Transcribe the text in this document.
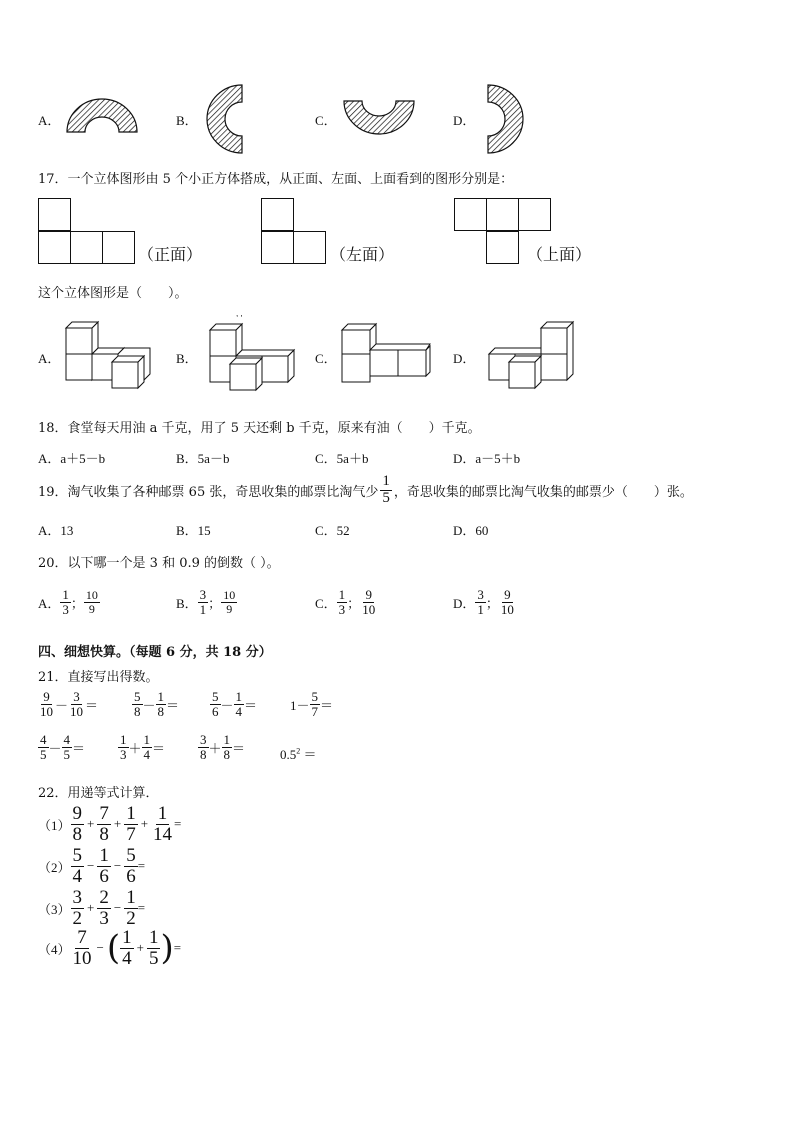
A．	B．	C．	D．
17．一个立体图形由 5 个小正方体搭成，从正面、左面、上面看到的图形分别是：
（正面）	（左面）	（上面）
这个立体图形是（　　）。
A．	B．
, ,
C．	D．
18．食堂每天用油 a 千克，用了 5 天还剩 b 千克，原来有油（　　）千克。
A．a＋5－b	B．5a－b	C．5a＋b	D．a－5＋b
19．淘气收集了各种邮票 65 张，奇思收集的邮票比淘气少 $\frac{1}{5}$ ，奇思收集的邮票比淘气收集的邮票少（　　）张。
A．13	B．15	C．52	D．60
20．以下哪一个是 3 和 0.9 的倒数（ ）。
A． $\frac{1}{3}$ ； $\frac{10}{9}$	B． $\frac{3}{1}$ ； $\frac{10}{9}$	C． $\frac{1}{3}$ ； $\frac{9}{10}$	D． $\frac{3}{1}$ ； $\frac{9}{10}$
四、细想快算。（每题 6 分，共 18 分）
21．直接写出得数。
$\frac{9}{10} - \frac{3}{10}$ ＝	$\frac{5}{8} - \frac{1}{8} = \frac{5}{6} - \frac{1}{4}$ ＝	$1- \frac{5}{7}$ ＝
$\frac{4}{5} - \frac{4}{5}$ ＝	$\frac{1}{3} + \frac{1}{4}$ ＝	$\frac{3}{8} + \frac{1}{8}$ ＝	$0.5^2$ ＝
22．用递等式计算．
$(1) \frac{9}{8} + \frac{7}{8} + \frac{1}{7} + \frac{1}{14}$ =
$(2) \frac{5}{4} - \frac{1}{6} - \frac{5}{6}$ =
$(3) \frac{3}{2} + \frac{2}{3} - \frac{1}{2}$ =
$(4) \frac{7}{10}$ − ( $\frac{1}{4} + \frac{1}{5}$ ) =
